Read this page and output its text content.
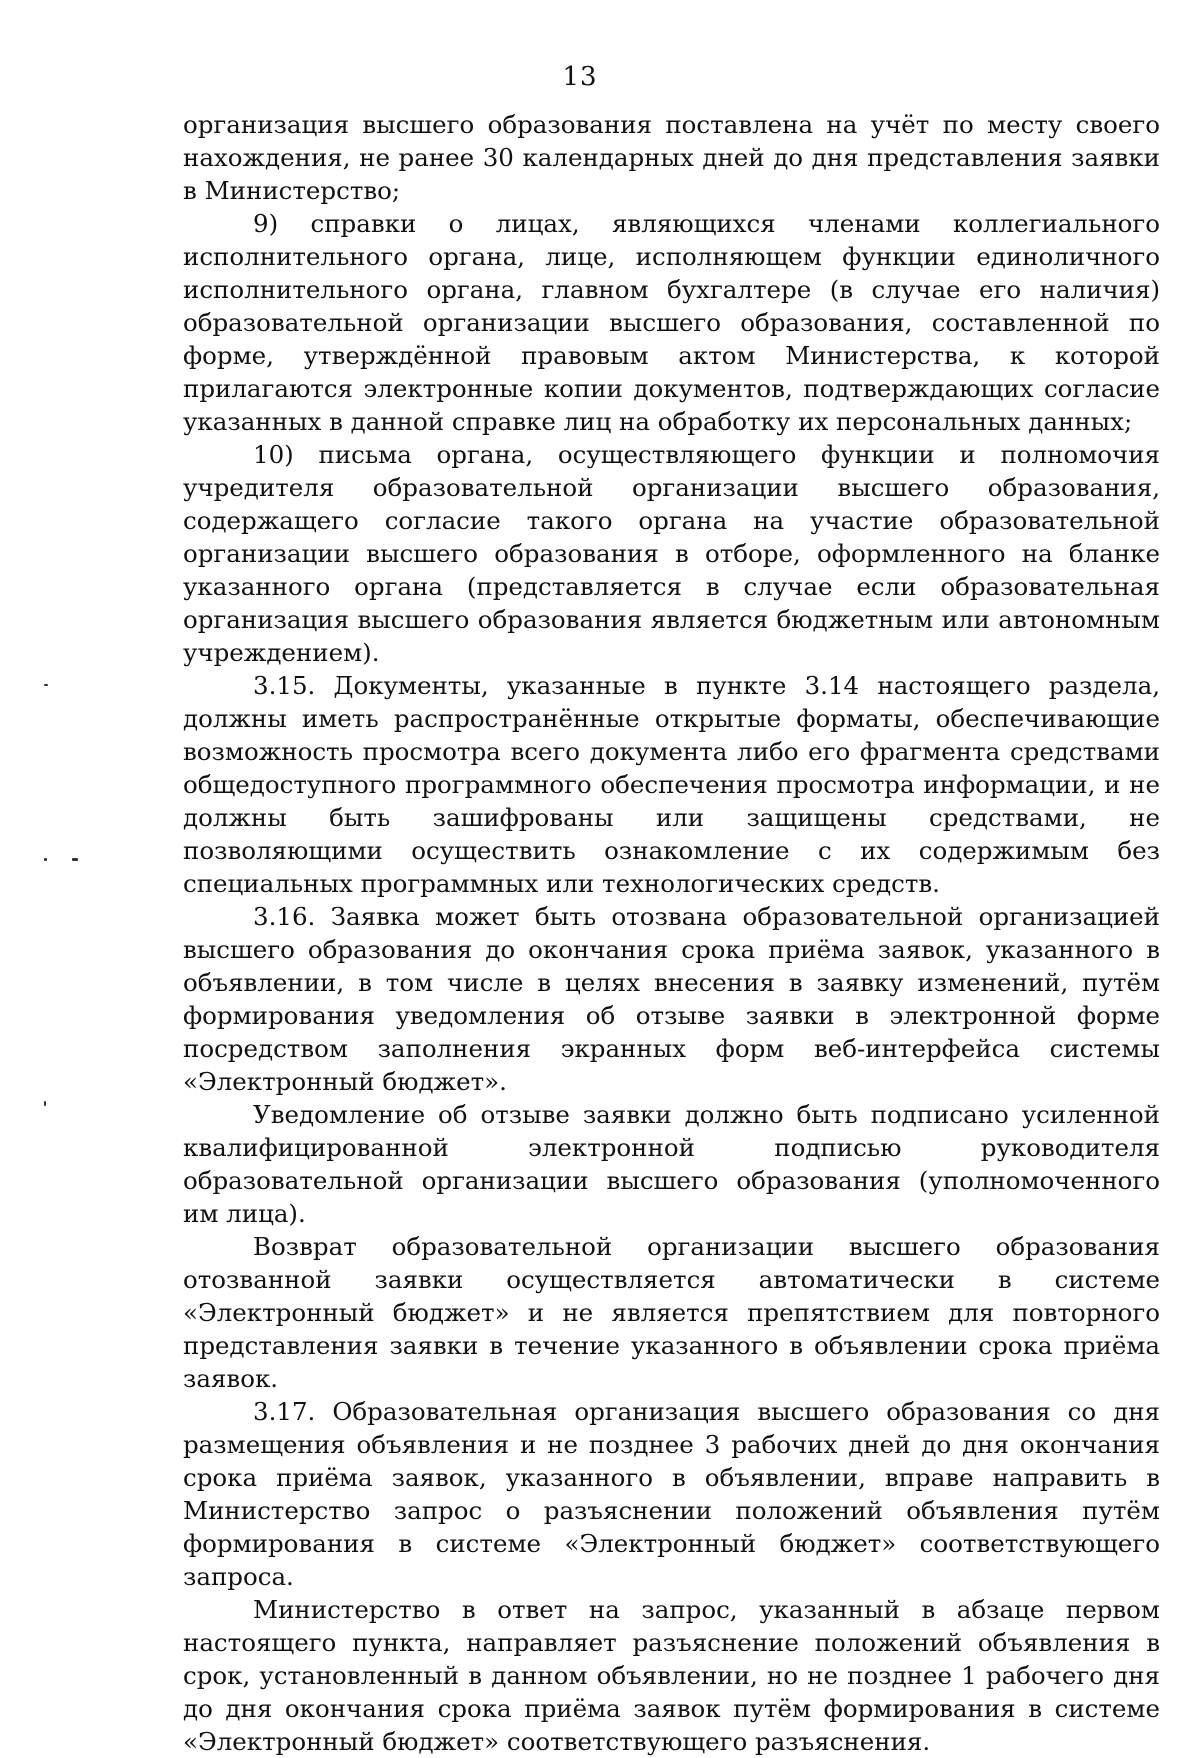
13

организация высшего образования поставлена на учёт по месту своего нахождения, не ранее 30 календарных дней до дня представления заявки в Министерство;

9) справки о лицах, являющихся членами коллегиального исполнительного органа, лице, исполняющем функции единоличного исполнительного органа, главном бухгалтере (в случае его наличия) образовательной организации высшего образования, составленной по форме, утверждённой правовым актом Министерства, к которой прилагаются электронные копии документов, подтверждающих согласие указанных в данной справке лиц на обработку их персональных данных;

10) письма органа, осуществляющего функции и полномочия учредителя образовательной организации высшего образования, содержащего согласие такого органа на участие образовательной организации высшего образования в отборе, оформленного на бланке указанного органа (представляется в случае если образовательная организация высшего образования является бюджетным или автономным учреждением).

3.15. Документы, указанные в пункте 3.14 настоящего раздела, должны иметь распространённые открытые форматы, обеспечивающие возможность просмотра всего документа либо его фрагмента средствами общедоступного программного обеспечения просмотра информации, и не должны быть зашифрованы или защищены средствами, не позволяющими осуществить ознакомление с их содержимым без специальных программных или технологических средств.

3.16. Заявка может быть отозвана образовательной организацией высшего образования до окончания срока приёма заявок, указанного в объявлении, в том числе в целях внесения в заявку изменений, путём формирования уведомления об отзыве заявки в электронной форме посредством заполнения экранных форм веб-интерфейса системы «Электронный бюджет».

Уведомление об отзыве заявки должно быть подписано усиленной квалифицированной электронной подписью руководителя образовательной организации высшего образования (уполномоченного им лица).

Возврат образовательной организации высшего образования отозванной заявки осуществляется автоматически в системе «Электронный бюджет» и не является препятствием для повторного представления заявки в течение указанного в объявлении срока приёма заявок.

3.17. Образовательная организация высшего образования со дня размещения объявления и не позднее 3 рабочих дней до дня окончания срока приёма заявок, указанного в объявлении, вправе направить в Министерство запрос о разъяснении положений объявления путём формирования в системе «Электронный бюджет» соответствующего запроса.

Министерство в ответ на запрос, указанный в абзаце первом настоящего пункта, направляет разъяснение положений объявления в срок, установленный в данном объявлении, но не позднее 1 рабочего дня до дня окончания срока приёма заявок путём формирования в системе «Электронный бюджет» соответствующего разъяснения.
